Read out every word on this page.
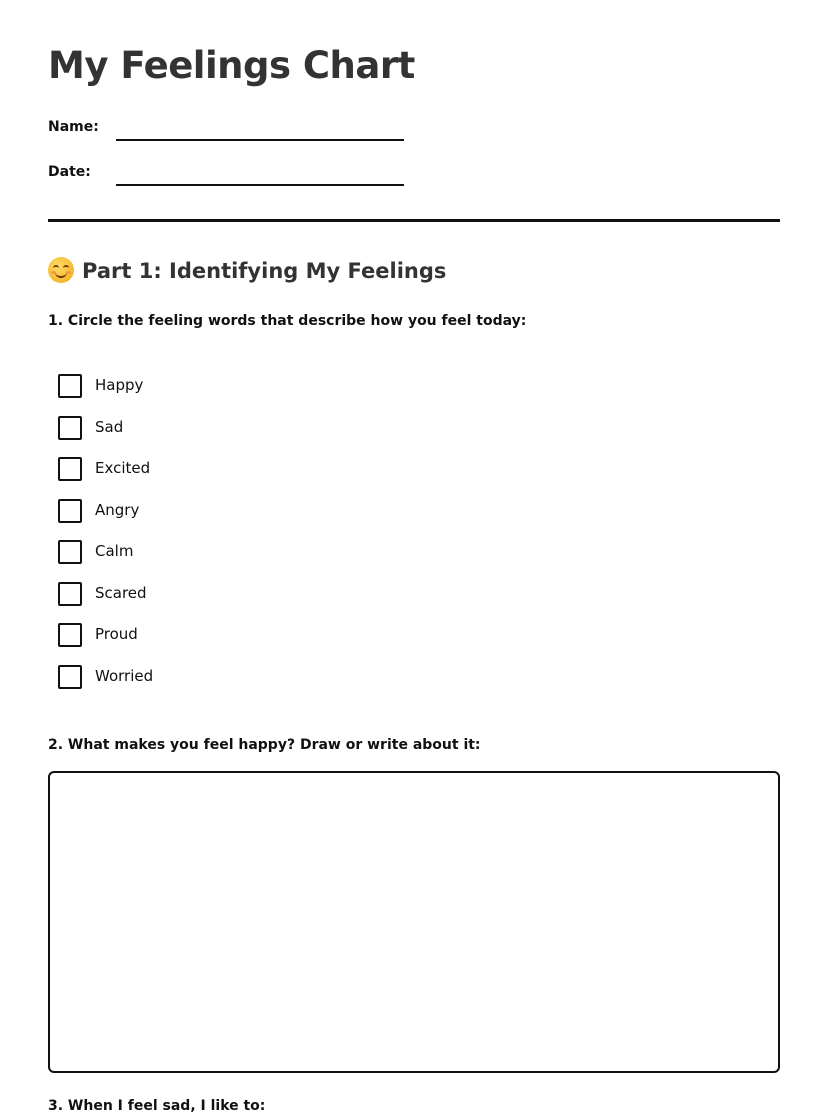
My Feelings Chart
Name:
Date:
Part 1: Identifying My Feelings

1. Circle the feeling words that describe how you feel today:

Happy
Sad
Excited
Angry
Calm
Scared
Proud
Worried

2. What makes you feel happy? Draw or write about it:

3. When I feel sad, I like to:
